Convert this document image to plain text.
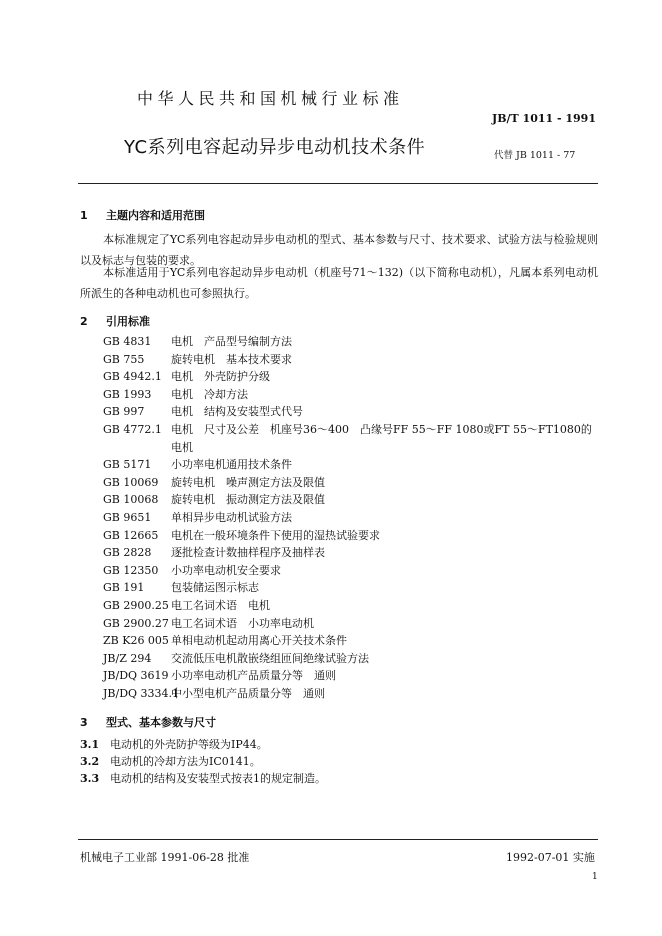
中华人民共和国机械行业标准
JB/T 1011 - 1991
YC系列电容起动异步电动机技术条件	代替 JB 1011 - 77
1 主题内容和适用范围
本标准规定了YC系列电容起动异步电动机的型式、基本参数与尺寸、技术要求、试验方法与检验规则以及标志与包装的要求。
本标准适用于YC系列电容起动异步电动机（机座号71～132)（以下简称电动机），凡属本系列电动机所派生的各种电动机也可参照执行。
2 引用标准
GB 4831 电机　产品型号编制方法
GB 755 旋转电机　基本技术要求
GB 4942.1 电机　外壳防护分级
GB 1993 电机　冷却方法
GB 997 电机　结构及安装型式代号
GB 4772.1 电机　尺寸及公差　机座号36～400　凸缘号FF 55～FF 1080或FT 55～FT1080的电机
GB 5171 小功率电机通用技术条件
GB 10069 旋转电机　噪声测定方法及限值
GB 10068 旋转电机　振动测定方法及限值
GB 9651 单相异步电动机试验方法
GB 12665 电机在一般环境条件下使用的湿热试验要求
GB 2828 逐批检查计数抽样程序及抽样表
GB 12350 小功率电动机安全要求
GB 191 包装储运图示标志
GB 2900.25 电工名词术语　电机
GB 2900.27 电工名词术语　小功率电动机
ZB K26 005 单相电动机起动用离心开关技术条件
JB/Z 294 交流低压电机散嵌绕组匝间绝缘试验方法
JB/DQ 3619 小功率电动机产品质量分等　通则
JB/DQ 3334.1
中小型电机产品质量分等　通则
3 型式、基本参数与尺寸
3.1 电动机的外壳防护等级为IP44。
3.2 电动机的冷却方法为IC0141。
3.3 电动机的结构及安装型式按表1的规定制造。
机械电子工业部 1991-06-28 批准	1992-07-01 实施
1
